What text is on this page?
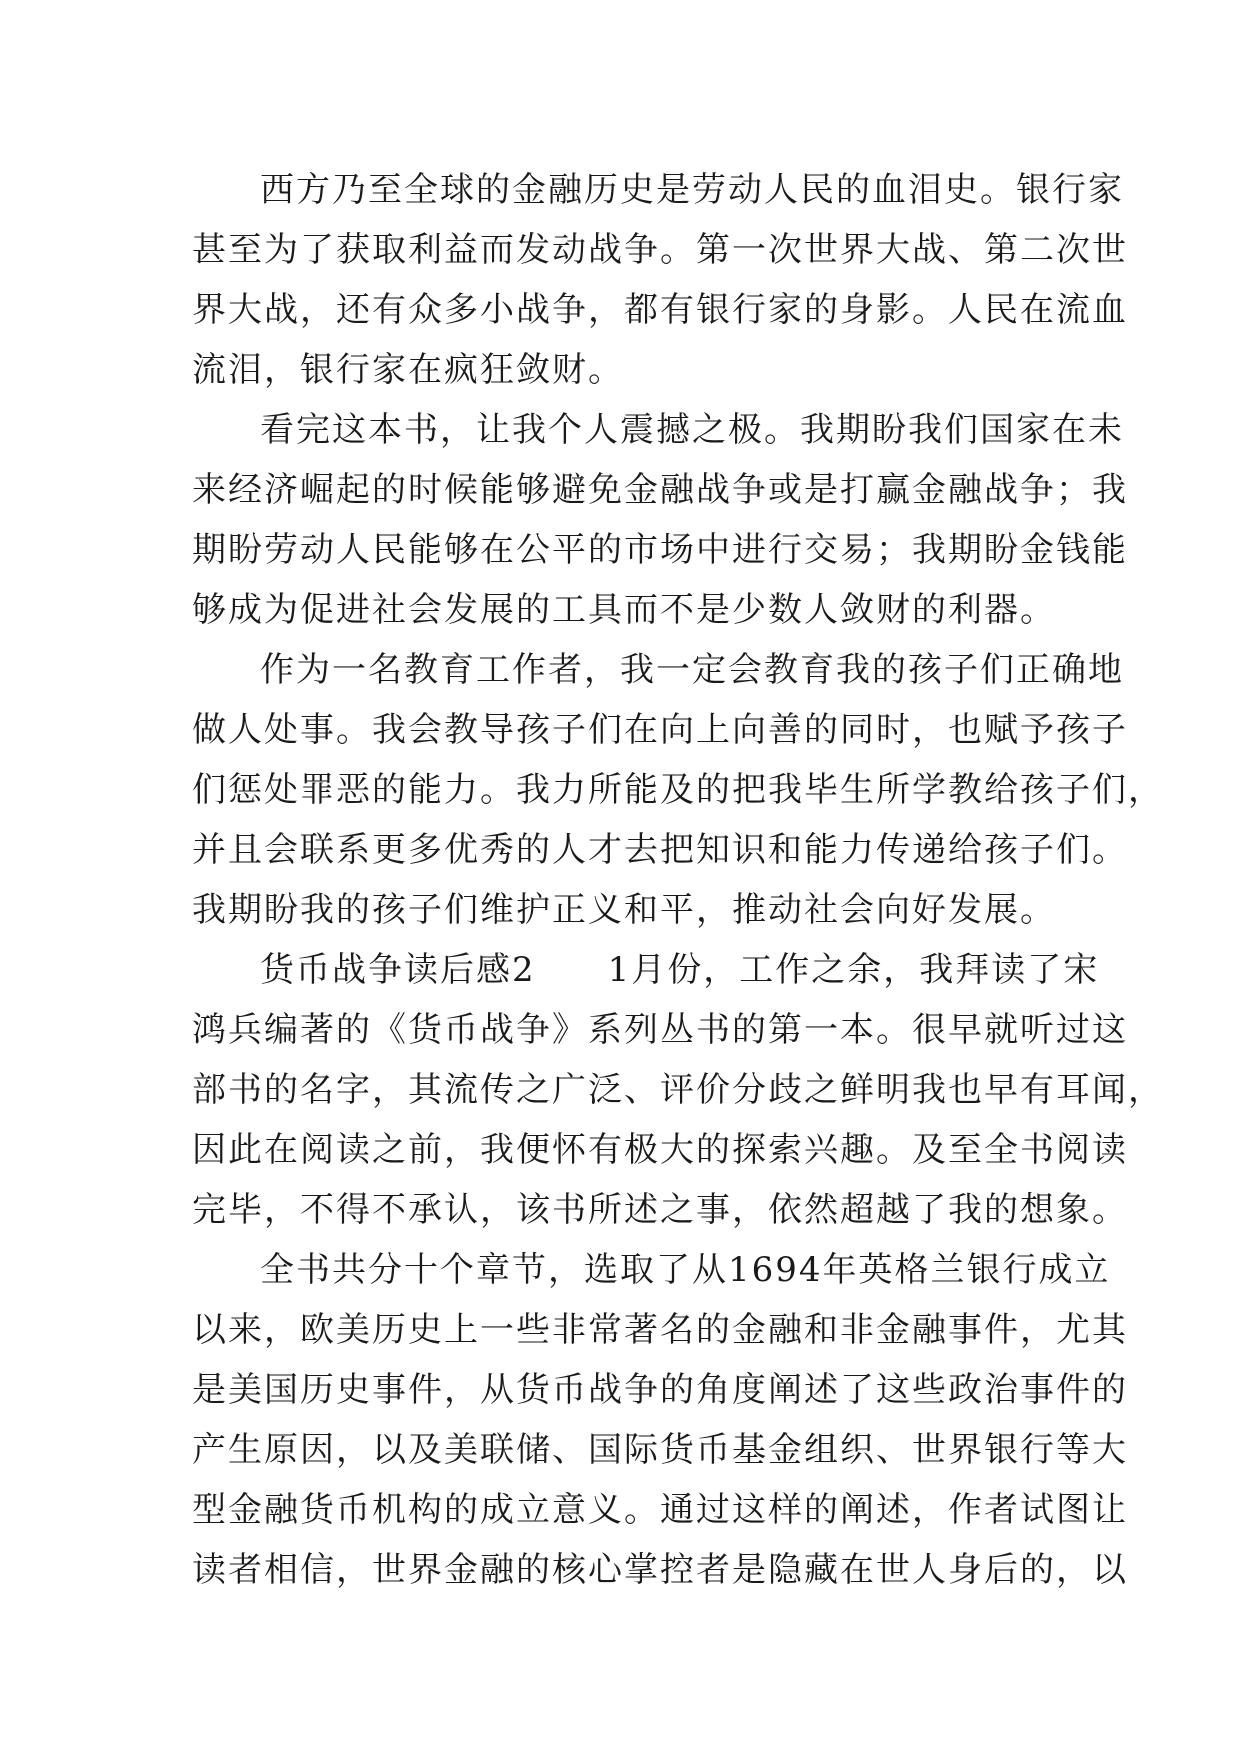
西方乃至全球的金融历史是劳动人民的血泪史。银行家
甚至为了获取利益而发动战争。第一次世界大战、第二次世
界大战，还有众多小战争，都有银行家的身影。人民在流血
流泪，银行家在疯狂敛财。
看完这本书，让我个人震撼之极。我期盼我们国家在未
来经济崛起的时候能够避免金融战争或是打赢金融战争；我
期盼劳动人民能够在公平的市场中进行交易；我期盼金钱能
够成为促进社会发展的工具而不是少数人敛财的利器。
作为一名教育工作者，我一定会教育我的孩子们正确地
做人处事。我会教导孩子们在向上向善的同时，也赋予孩子
们惩处罪恶的能力。我力所能及的把我毕生所学教给孩子们，
并且会联系更多优秀的人才去把知识和能力传递给孩子们。
我期盼我的孩子们维护正义和平，推动社会向好发展。
货币战争读后感2　　1月份，工作之余，我拜读了宋
鸿兵编著的《货币战争》系列丛书的第一本。很早就听过这
部书的名字，其流传之广泛、评价分歧之鲜明我也早有耳闻，
因此在阅读之前，我便怀有极大的探索兴趣。及至全书阅读
完毕，不得不承认，该书所述之事，依然超越了我的想象。
全书共分十个章节，选取了从1694年英格兰银行成立
以来，欧美历史上一些非常著名的金融和非金融事件，尤其
是美国历史事件，从货币战争的角度阐述了这些政治事件的
产生原因，以及美联储、国际货币基金组织、世界银行等大
型金融货币机构的成立意义。通过这样的阐述，作者试图让
读者相信，世界金融的核心掌控者是隐藏在世人身后的，以
